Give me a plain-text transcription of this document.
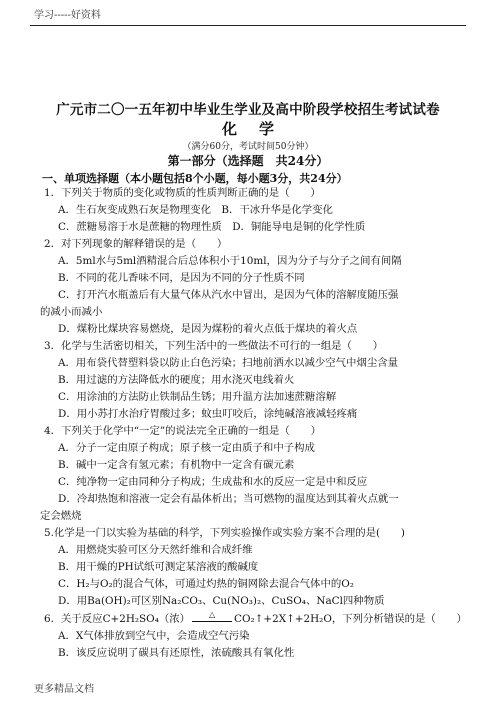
学习-----好资料
广元市二〇一五年初中毕业生学业及高中阶段学校招生考试试卷
化学
（满分60分，考试时间50分钟）
第一部分（选择题　共24分）
一、单项选择题（本小题包括8个小题，每小题3分，共24分）
1．下列关于物质的变化或物质的性质判断正确的是（　　）
A．生石灰变成熟石灰是物理变化　B．干冰升华是化学变化
C．蔗糖易溶于水是蔗糖的物理性质　D．铜能导电是铜的化学性质
2．对下列现象的解释错误的是（　　）
A．5ml水与5ml酒精混合后总体积小于10ml，因为分子与分子之间有间隔
B．不同的花儿香味不同，是因为不同的分子性质不同
C．打开汽水瓶盖后有大量气体从汽水中冒出，是因为气体的溶解度随压强
的减小而减小
D．煤粉比煤块容易燃烧，是因为煤粉的着火点低于煤块的着火点
3．化学与生活密切相关，下列生活中的一些做法不可行的一组是（　　）
A．用布袋代替塑料袋以防止白色污染；扫地前洒水以减少空气中烟尘含量
B．用过滤的方法降低水的硬度；用水浇灭电线着火
C．用涂油的方法防止铁制品生锈；用升温方法加速蔗糖溶解
D．用小苏打水治疗胃酸过多；蚊虫叮咬后，涂纯碱溶液减轻疼痛
4．下列关于化学中“一定”的说法完全正确的一组是（　　）
A．分子一定由原子构成；原子核一定由质子和中子构成
B．碱中一定含有氢元素；有机物中一定含有碳元素
C．纯净物一定由同种分子构成；生成盐和水的反应一定是中和反应
D．冷却热饱和溶液一定会有晶体析出；当可燃物的温度达到其着火点就一
定会燃烧
5.化学是一门以实验为基础的科学，下列实验操作或实验方案不合理的是(　　)
A．用燃烧实验可区分天然纤维和合成纤维
B．用干燥的PH试纸可测定某溶液的酸碱度
C．H₂与O₂的混合气体，可通过灼热的铜网除去混合气体中的O₂
D．用Ba(OH)₂可区别Na₂CO₃、Cu(NO₃)₂、CuSO₄、NaCl四种物质
6．关于反应C+2H₂SO₄（浓）	△	CO₂↑+2X↑+2H₂O，下列分析错误的是（　　）
A．X气体排放到空气中，会造成空气污染
B．该反应说明了碳具有还原性，浓硫酸具有氧化性
更多精品文档
